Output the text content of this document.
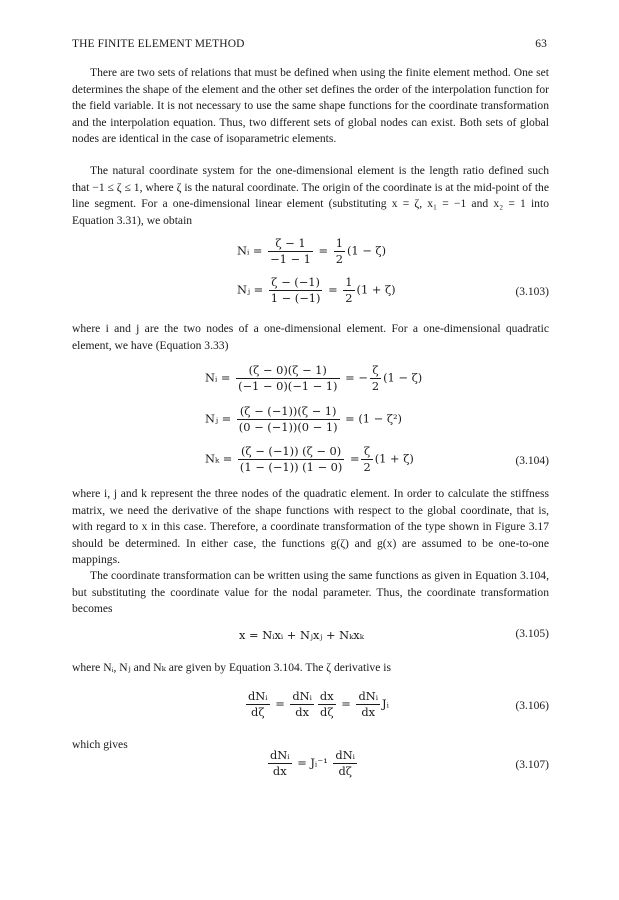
THE FINITE ELEMENT METHOD	63

There are two sets of relations that must be defined when using the finite element method. One set determines the shape of the element and the other set defines the order of the interpolation function for the field variable. It is not necessary to use the same shape functions for the coordinate transformation and the interpolation equation. Thus, two different sets of global nodes can exist. Both sets of global nodes are identical in the case of isoparametric elements.

The natural coordinate system for the one-dimensional element is the length ratio defined such that −1 ≤ ζ ≤ 1, where ζ is the natural coordinate. The origin of the coordinate is at the mid-point of the line segment. For a one-dimensional linear element (substituting x = ζ, x₁ = −1 and x₂ = 1 into Equation 3.31), we obtain

Nᵢ = $\frac{\zeta - 1}{-1 - 1} = \frac{1}{2} (1 - \zeta)$
Nⱼ = $\frac{\zeta - (-1)}{1 - (-1)} = \frac{1}{2} (1 + \zeta)$	(3.103)

where i and j are the two nodes of a one-dimensional element. For a one-dimensional quadratic element, we have (Equation 3.33)

Nᵢ = $\frac{(\zeta - 0)(\zeta - 1)}{(-1 - 0)(-1 - 1)}$ = − $\frac{\zeta}{2} (1 - \zeta)$
Nⱼ = $\frac{(\zeta - (-1))(\zeta - 1)}{(0 - (-1))(0 - 1)} = (1 - \zeta^2)$
$N_k = \frac{(\zeta - (-1)) (\zeta - 0)}{(1 - (-1)) (1 - 0)} = \frac{\zeta}{2} (1 + \zeta)$	(3.104)

where i, j and k represent the three nodes of the quadratic element. In order to calculate the stiffness matrix, we need the derivative of the shape functions with respect to the global coordinate, that is, with regard to x in this case. Therefore, a coordinate transformation of the type shown in Figure 3.17 should be determined. In either case, the functions g(ζ) and g(x) are assumed to be one-to-one mappings.

The coordinate transformation can be written using the same functions as given in Equation 3.104, but substituting the coordinate value for the nodal parameter. Thus, the coordinate transformation becomes

x = Nᵢxᵢ + Nⱼxⱼ + Nₖxₖ	(3.105)

where Nᵢ, Nⱼ and Nₖ are given by Equation 3.104. The ζ derivative is

$\frac{\text{dNᵢ}}{d\zeta} = \frac{\text{dNᵢ}}{dx} \frac{dx}{d\zeta} = \frac{\text{dNᵢ}}{dx}$ Jᵢ	(3.106)

which gives

$\frac{\text{dNᵢ}}{dx}$ = Jᵢ⁻¹ $\frac{\text{dNᵢ}}{d\zeta}$	(3.107)
